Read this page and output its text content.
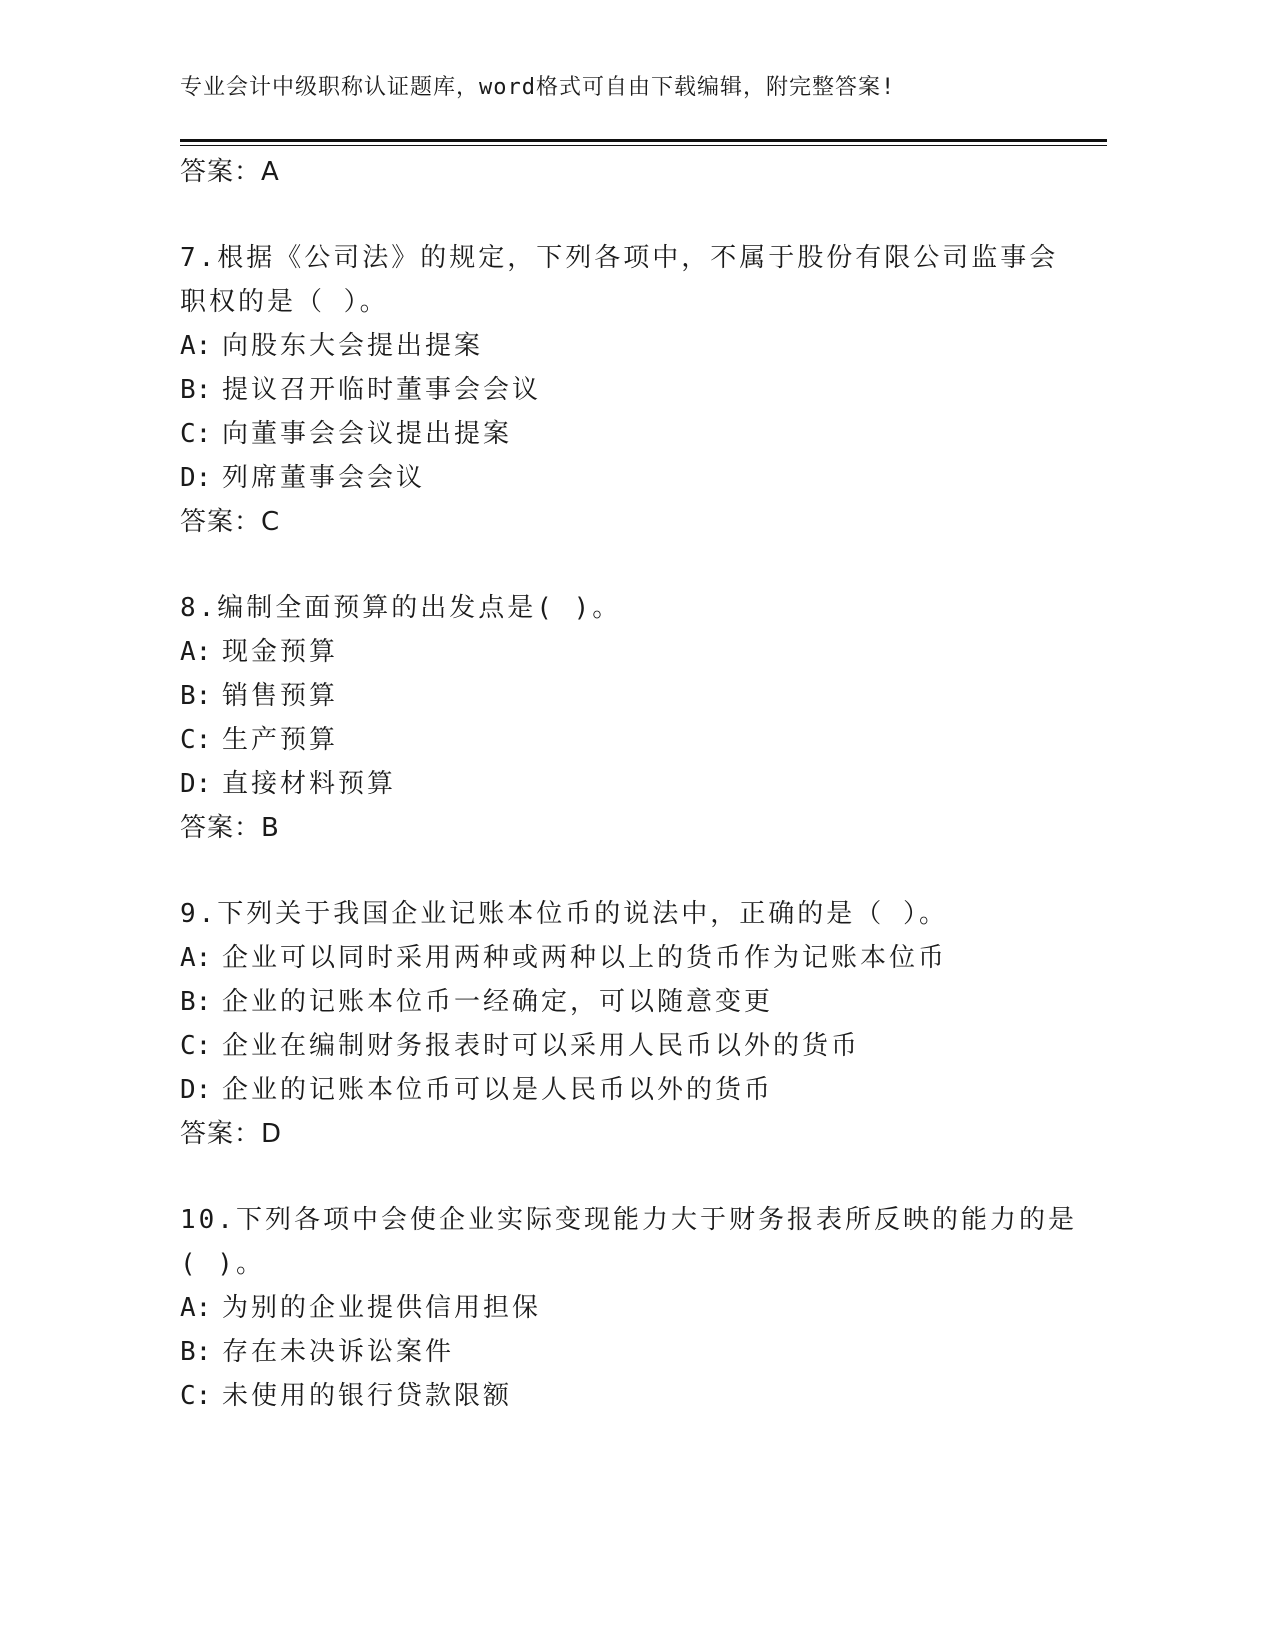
专业会计中级职称认证题库，word格式可自由下载编辑，附完整答案!
答案：A
7.根据《公司法》的规定，下列各项中，不属于股份有限公司监事会
职权的是（ ）。
A: 向股东大会提出提案
B: 提议召开临时董事会会议
C: 向董事会会议提出提案
D: 列席董事会会议
答案：C
8.编制全面预算的出发点是( )。
A: 现金预算
B: 销售预算
C: 生产预算
D: 直接材料预算
答案：B
9.下列关于我国企业记账本位币的说法中，正确的是（ ）。
A: 企业可以同时采用两种或两种以上的货币作为记账本位币
B: 企业的记账本位币一经确定，可以随意变更
C: 企业在编制财务报表时可以采用人民币以外的货币
D: 企业的记账本位币可以是人民币以外的货币
答案：D
10.下列各项中会使企业实际变现能力大于财务报表所反映的能力的是
( )。
A: 为别的企业提供信用担保
B: 存在未决诉讼案件
C: 未使用的银行贷款限额
